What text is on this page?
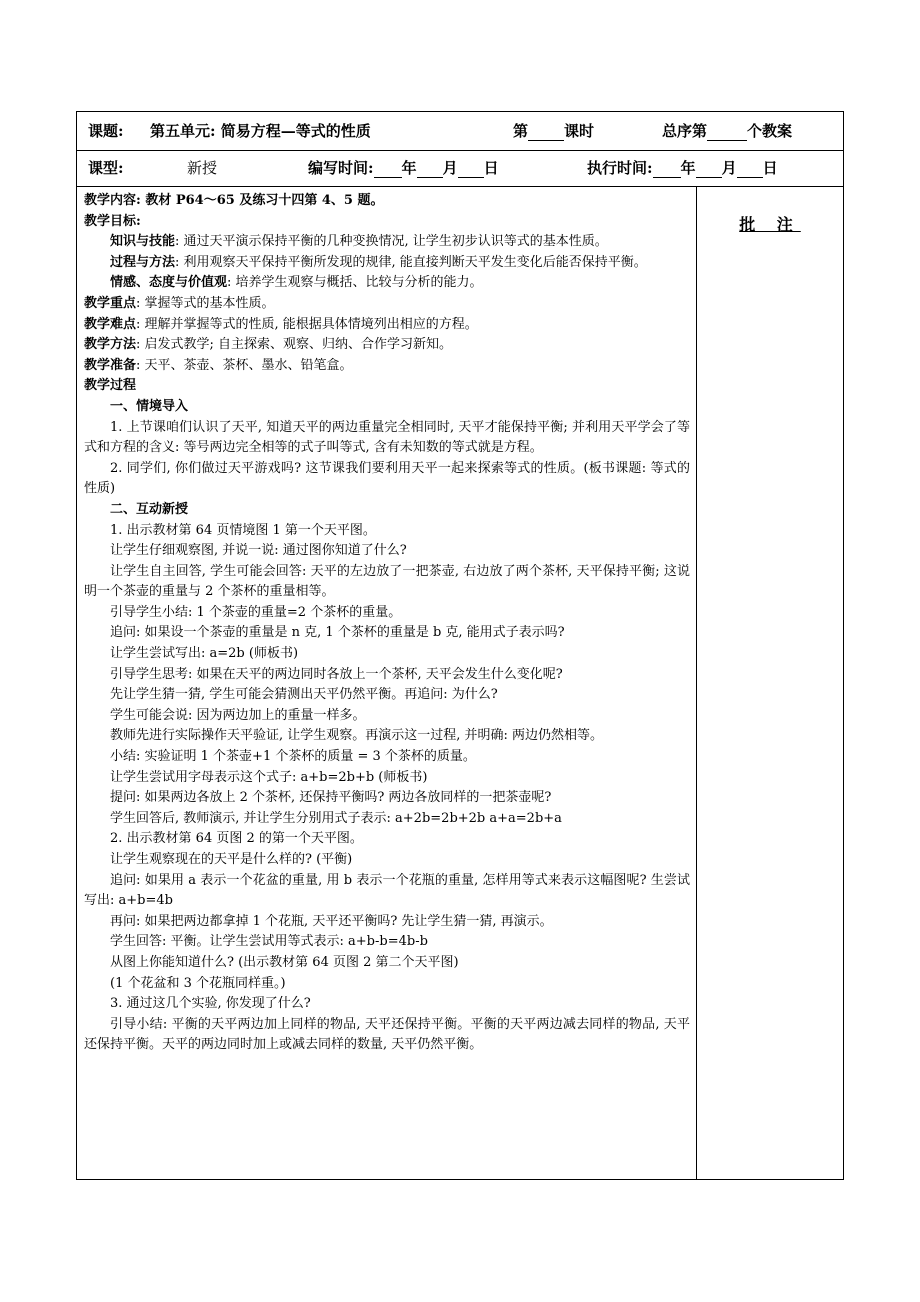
课题: 第五单元: 简易方程—等式的性质	第 课时	总序第	个教案
课型:	新授	编写时间: 年 月 日	执行时间: 年 月 日

教学内容: 教材 P64～65 及练习十四第 4、5 题。

教学目标:

知识与技能: 通过天平演示保持平衡的几种变换情况, 让学生初步认识等式的基本性质。

过程与方法: 利用观察天平保持平衡所发现的规律, 能直接判断天平发生变化后能否保持平衡。

情感、态度与价值观: 培养学生观察与概括、比较与分析的能力。

教学重点: 掌握等式的基本性质。

教学难点: 理解并掌握等式的性质, 能根据具体情境列出相应的方程。

教学方法: 启发式教学; 自主探索、观察、归纳、合作学习新知。

教学准备: 天平、茶壶、茶杯、墨水、铅笔盒。

教学过程

一、情境导入

1. 上节课咱们认识了天平, 知道天平的两边重量完全相同时, 天平才能保持平衡; 并利用天平学会了等式和方程的含义: 等号两边完全相等的式子叫等式, 含有未知数的等式就是方程。

2. 同学们, 你们做过天平游戏吗? 这节课我们要利用天平一起来探索等式的性质。(板书课题: 等式的性质)

二、互动新授

1. 出示教材第 64 页情境图 1 第一个天平图。

让学生仔细观察图, 并说一说: 通过图你知道了什么?

让学生自主回答, 学生可能会回答: 天平的左边放了一把茶壶, 右边放了两个茶杯, 天平保持平衡; 这说明一个茶壶的重量与 2 个茶杯的重量相等。

引导学生小结: 1 个茶壶的重量=2 个茶杯的重量。

追问: 如果设一个茶壶的重量是 n 克, 1 个茶杯的重量是 b 克, 能用式子表示吗?

让学生尝试写出: a=2b (师板书)

引导学生思考: 如果在天平的两边同时各放上一个茶杯, 天平会发生什么变化呢?

先让学生猜一猜, 学生可能会猜测出天平仍然平衡。再追问: 为什么?

学生可能会说: 因为两边加上的重量一样多。

教师先进行实际操作天平验证, 让学生观察。再演示这一过程, 并明确: 两边仍然相等。

小结: 实验证明 1 个茶壶+1 个茶杯的质量 = 3 个茶杯的质量。

让学生尝试用字母表示这个式子: a+b=2b+b (师板书)

提问: 如果两边各放上 2 个茶杯, 还保持平衡吗? 两边各放同样的一把茶壶呢?

学生回答后, 教师演示, 并让学生分别用式子表示: a+2b=2b+2b a+a=2b+a

2. 出示教材第 64 页图 2 的第一个天平图。

让学生观察现在的天平是什么样的? (平衡)

追问: 如果用 a 表示一个花盆的重量, 用 b 表示一个花瓶的重量, 怎样用等式来表示这幅图呢? 生尝试写出: a+b=4b

再问: 如果把两边都拿掉 1 个花瓶, 天平还平衡吗? 先让学生猜一猜, 再演示。

学生回答: 平衡。让学生尝试用等式表示: a+b-b=4b-b

从图上你能知道什么? (出示教材第 64 页图 2 第二个天平图)

(1 个花盆和 3 个花瓶同样重。)

3. 通过这几个实验, 你发现了什么?

引导小结: 平衡的天平两边加上同样的物品, 天平还保持平衡。平衡的天平两边减去同样的物品, 天平还保持平衡。天平的两边同时加上或减去同样的数量, 天平仍然平衡。

批 注
